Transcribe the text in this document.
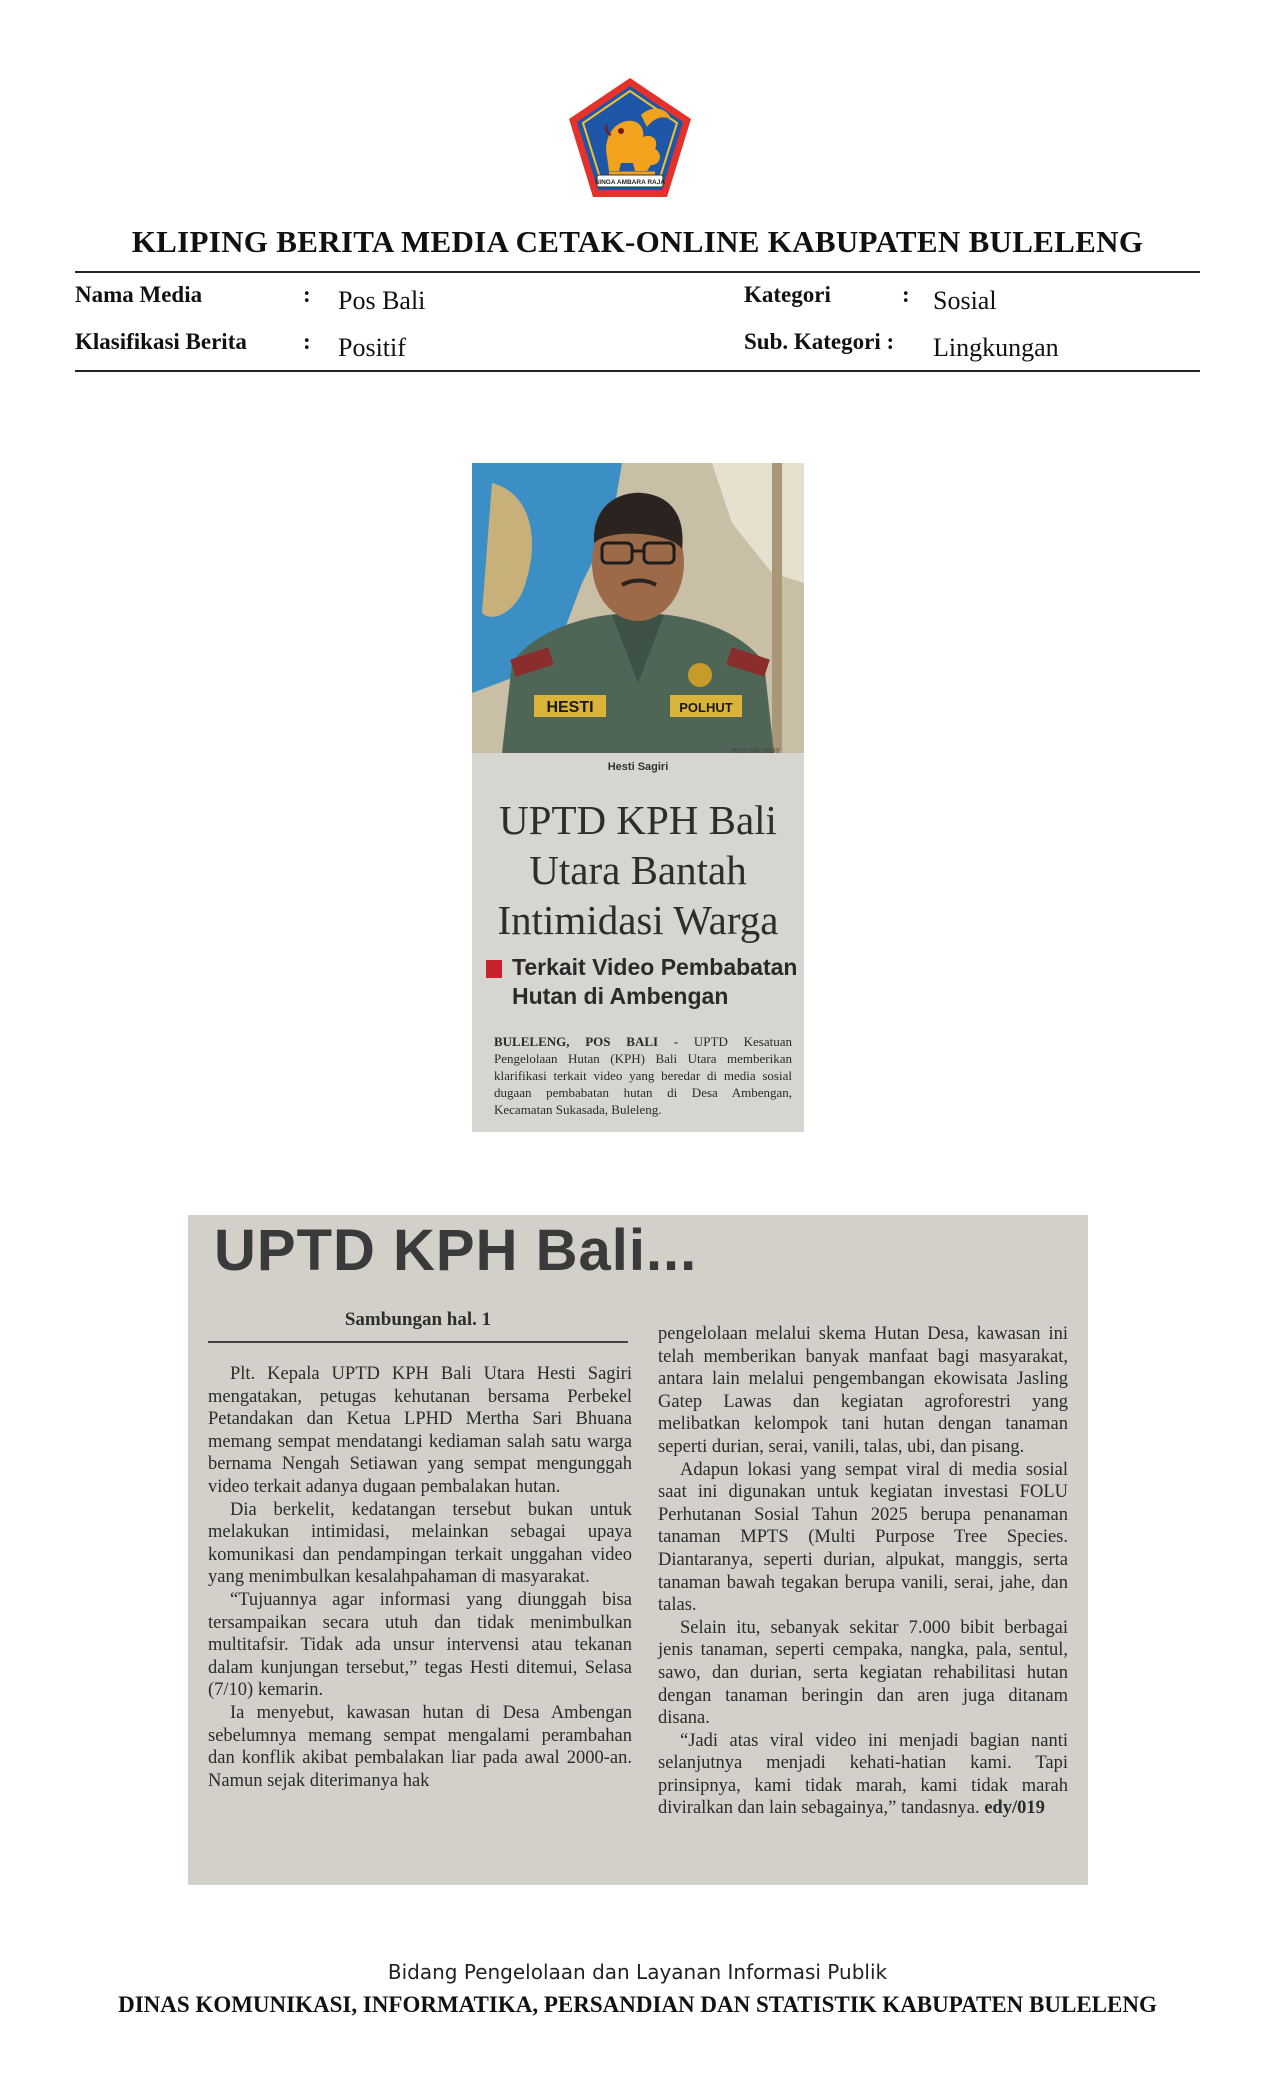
SINGA AMBARA RAJA
KLIPING BERITA MEDIA CETAK-ONLINE KABUPATEN BULELENG
Nama Media	: Pos Bali
Klasifikasi Berita : Positif
Kategori	: Sosial
Sub. Kategori : Lingkungan
HESTI	POLHUT
POS BALI/EDY
Hesti Sagiri
UPTD KPH Bali
Utara Bantah
Intimidasi Warga
Terkait Video Pembabatan
Hutan di Ambengan
BULELENG, POS BALI - UPTD Kesatuan Pengelolaan Hutan (KPH) Bali Utara memberikan klarifikasi terkait video yang beredar di media sosial dugaan pembabatan hutan di Desa Ambengan, Kecamatan Sukasada, Buleleng.
UPTD KPH Bali...
Sambungan hal. 1

Plt. Kepala UPTD KPH Bali Utara Hesti Sagiri mengatakan, petugas kehutanan bersama Perbekel Petandakan dan Ketua LPHD Mertha Sari Bhuana memang sempat mendatangi kediaman salah satu warga bernama Nengah Setiawan yang sempat mengunggah video terkait adanya dugaan pembalakan hutan.

Dia berkelit, kedatangan tersebut bukan untuk melakukan intimidasi, melainkan sebagai upaya komunikasi dan pendampingan terkait unggahan video yang menimbulkan kesalahpahaman di masyarakat.

“Tujuannya agar informasi yang diunggah bisa tersampaikan secara utuh dan tidak menimbulkan multitafsir. Tidak ada unsur intervensi atau tekanan dalam kunjungan tersebut,” tegas Hesti ditemui, Selasa (7/10) kemarin.

Ia menyebut, kawasan hutan di Desa Ambengan sebelumnya memang sempat mengalami perambahan dan konflik akibat pembalakan liar pada awal 2000-an. Namun sejak diterimanya hak

pengelolaan melalui skema Hutan Desa, kawasan ini telah memberikan banyak manfaat bagi masyarakat, antara lain melalui pengembangan ekowisata Jasling Gatep Lawas dan kegiatan agroforestri yang melibatkan kelompok tani hutan dengan tanaman seperti durian, serai, vanili, talas, ubi, dan pisang.

Adapun lokasi yang sempat viral di media sosial saat ini digunakan untuk kegiatan investasi FOLU Perhutanan Sosial Tahun 2025 berupa penanaman tanaman MPTS (Multi Purpose Tree Species. Diantaranya, seperti durian, alpukat, manggis, serta tanaman bawah tegakan berupa vanili, serai, jahe, dan talas.

Selain itu, sebanyak sekitar 7.000 bibit berbagai jenis tanaman, seperti cempaka, nangka, pala, sentul, sawo, dan durian, serta kegiatan rehabilitasi hutan dengan tanaman beringin dan aren juga ditanam disana.

“Jadi atas viral video ini menjadi bagian nanti selanjutnya menjadi kehati-hatian kami. Tapi prinsipnya, kami tidak marah, kami tidak marah diviralkan dan lain sebagainya,” tandasnya. edy/019

Bidang Pengelolaan dan Layanan Informasi Publik
DINAS KOMUNIKASI, INFORMATIKA, PERSANDIAN DAN STATISTIK KABUPATEN BULELENG
